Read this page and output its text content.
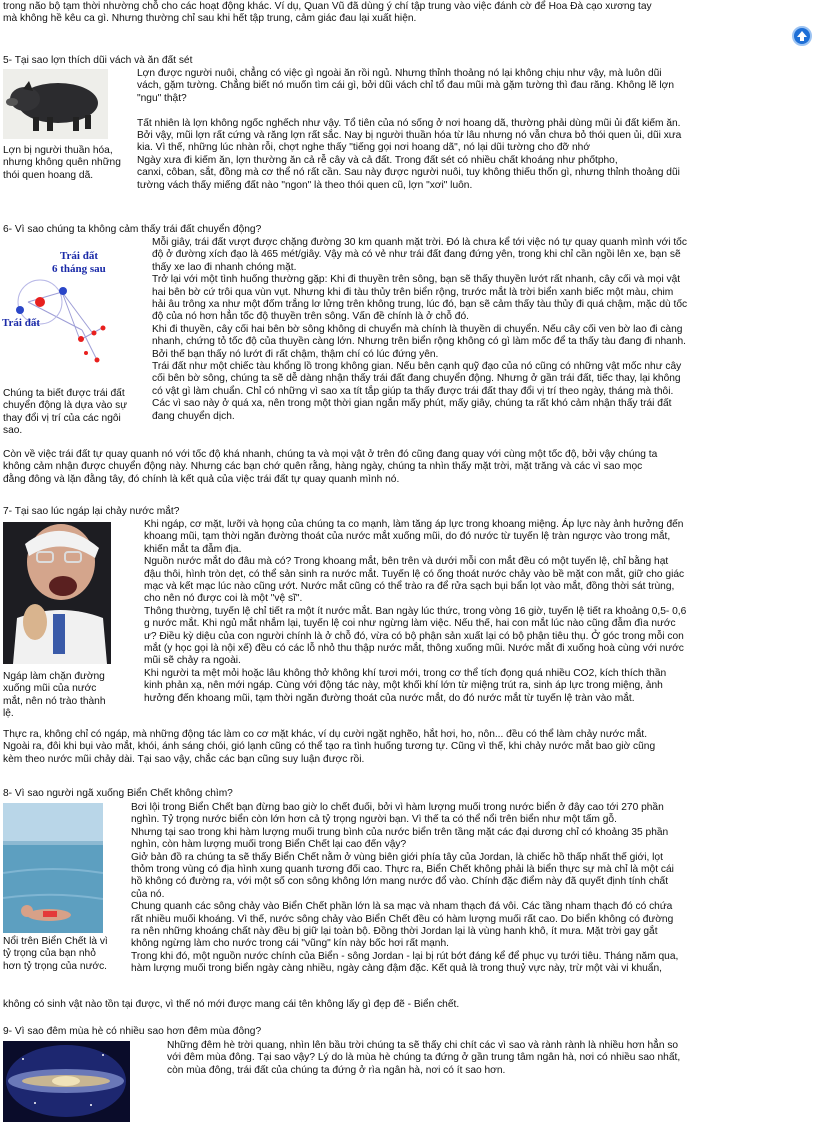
trong não bộ tạm thời nhường chỗ cho các hoạt động khác. Ví dụ, Quan Vũ đã dùng ý chí tập trung vào việc đánh cờ để Hoa Đà cạo xương tay
mà không hề kêu ca gì. Nhưng thường chỉ sau khi hết tập trung, cảm giác đau lại xuất hiện.

5- Tại sao lợn thích dũi vách và ăn đất sét
Lợn bị người thuần hóa, nhưng không quên những thói quen hoang dã.

Lợn được người nuôi, chẳng có việc gì ngoài ăn rồi ngủ. Nhưng thỉnh thoảng nó lại không chịu như vậy, mà luôn dũi
vách, gặm tường. Chẳng biết nó muốn tìm cái gì, bởi dũi vách chỉ tổ đau mũi mà gặm tường thì đau răng. Không lẽ lợn
"ngu" thật?

Tất nhiên là lợn không ngốc nghếch như vậy. Tổ tiên của nó sống ở nơi hoang dã, thường phải dùng mũi ủi đất kiếm ăn.
Bởi vậy, mũi lợn rất cứng và răng lợn rất sắc. Nay bị người thuần hóa từ lâu nhưng nó vẫn chưa bỏ thói quen ủi, dũi xưa
kia. Vì thế, những lúc nhàn rỗi, chợt nghe thấy "tiếng gọi nơi hoang dã", nó lại dũi tường cho đỡ nhớ
Ngày xưa đi kiếm ăn, lợn thường ăn cả rễ cây và cả đất. Trong đất sét có nhiều chất khoáng như phốtpho,
canxi, côban, sắt, đồng mà cơ thể nó rất cần. Sau này được người nuôi, tuy không thiếu thốn gì, nhưng thỉnh thoảng dũi
tường vách thấy miếng đất nào "ngon" là theo thói quen cũ, lợn "xơi" luôn.

6- Vì sao chúng ta không cảm thấy trái đất chuyển động?
Trái đất
6 tháng sau
Trái đất
Chúng ta biết được trái đất chuyển động là dựa vào sự thay đổi vị trí của các ngôi sao.

Mỗi giây, trái đất vượt được chặng đường 30 km quanh mặt trời. Đó là chưa kể tới việc nó tự quay quanh mình với tốc
độ ở đường xích đạo là 465 mét/giây. Vậy mà có vẻ như trái đất đang đứng yên, trong khi chỉ cần ngồi lên xe, bạn sẽ
thấy xe lao đi nhanh chóng mặt.
Trở lại với một tình huống thường gặp: Khi đi thuyền trên sông, bạn sẽ thấy thuyền lướt rất nhanh, cây cối và mọi vật
hai bên bờ cứ trôi qua vùn vụt. Nhưng khi đi tàu thủy trên biển rộng, trước mắt là trời biển xanh biếc một màu, chim
hải âu trông xa như một đốm trắng lơ lửng trên không trung, lúc đó, bạn sẽ cảm thấy tàu thủy đi quá chậm, mặc dù tốc
độ của nó hơn hẳn tốc độ thuyền trên sông. Vấn đề chính là ở chỗ đó.
Khi đi thuyền, cây cối hai bên bờ sông không di chuyển mà chính là thuyền di chuyển. Nếu cây cối ven bờ lao đi càng
nhanh, chứng tỏ tốc độ của thuyền càng lớn. Nhưng trên biển rộng không có gì làm mốc để ta thấy tàu đang đi nhanh.
Bởi thế bạn thấy nó lướt đi rất chậm, thậm chí có lúc đứng yên.
Trái đất như một chiếc tàu khổng lồ trong không gian. Nếu bên cạnh quỹ đạo của nó cũng có những vật mốc như cây
cối bên bờ sông, chúng ta sẽ dễ dàng nhận thấy trái đất đang chuyển động. Nhưng ở gần trái đất, tiếc thay, lại không
có vật gì làm chuẩn. Chỉ có những vì sao xa tít tắp giúp ta thấy được trái đất thay đổi vị trí theo ngày, tháng mà thôi.
Các vì sao này ở quá xa, nên trong một thời gian ngắn mấy phút, mấy giây, chúng ta rất khó cảm nhận thấy trái đất
đang chuyển dịch.

Còn về việc trái đất tự quay quanh nó với tốc độ khá nhanh, chúng ta và mọi vật ở trên đó cũng đang quay với cùng một tốc độ, bởi vậy chúng ta
không cảm nhận được chuyển động này. Nhưng các bạn chớ quên rằng, hàng ngày, chúng ta nhìn thấy mặt trời, mặt trăng và các vì sao mọc
đằng đông và lặn đằng tây, đó chính là kết quả của việc trái đất tự quay quanh mình nó.

7- Tại sao lúc ngáp lại chảy nước mắt?
Ngáp làm chặn đường xuống mũi của nước mắt, nên nó trào thành lệ.

Khi ngáp, cơ mặt, lưỡi và họng của chúng ta co mạnh, làm tăng áp lực trong khoang miệng. Áp lực này ảnh hưởng đến
khoang mũi, tạm thời ngăn đường thoát của nước mắt xuống mũi, do đó nước từ tuyến lệ tràn ngược vào trong mắt,
khiến mắt ta đẫm địa.
Nguồn nước mắt do đâu mà có? Trong khoang mắt, bên trên và dưới mỗi con mắt đều có một tuyến lệ, chỉ bằng hạt
đậu thôi, hình tròn dẹt, có thể sản sinh ra nước mắt. Tuyến lệ có ống thoát nước chảy vào bề mặt con mắt, giữ cho giác
mạc và kết mạc lúc nào cũng ướt. Nước mắt cũng có thể trào ra để rửa sạch bụi bẩn lọt vào mắt, đồng thời sát trùng,
cho nên nó được coi là một "vệ sĩ".
Thông thường, tuyến lệ chỉ tiết ra một ít nước mắt. Ban ngày lúc thức, trong vòng 16 giờ, tuyến lệ tiết ra khoảng 0,5- 0,6
g nước mắt. Khi ngủ mắt nhắm lại, tuyến lệ coi như ngừng làm việc. Nếu thế, hai con mắt lúc nào cũng đẫm đìa nước
ư? Điều kỳ diệu của con người chính là ở chỗ đó, vừa có bộ phận sản xuất lại có bộ phận tiêu thụ. Ở góc trong mỗi con
mắt (y học gọi là nội xế) đều có các lỗ nhỏ thu thập nước mắt, thông xuống mũi. Nước mắt đi xuống hoà cùng với nước
mũi sẽ chảy ra ngoài.
Khi người ta mệt mỏi hoặc lâu không thở không khí tươi mới, trong cơ thể tích đọng quá nhiều CO2, kích thích thần
kinh phản xạ, nên mới ngáp. Cùng với động tác này, một khối khí lớn từ miệng trút ra, sinh áp lực trong miệng, ảnh
hưởng đến khoang mũi, tạm thời ngăn đường thoát của nước mắt, do đó nước mắt từ tuyến lệ tràn vào mắt.

Thực ra, không chỉ có ngáp, mà những động tác làm co cơ mặt khác, ví dụ cười ngặt nghẽo, hắt hơi, ho, nôn... đều có thể làm chảy nước mắt.
Ngoài ra, đôi khi bụi vào mắt, khói, ánh sáng chói, gió lạnh cũng có thể tạo ra tình huống tương tự. Cũng vì thế, khi chảy nước mắt bao giờ cũng
kèm theo nước mũi chảy dài. Tại sao vậy, chắc các bạn cũng suy luận được rồi.

8- Vì sao người ngã xuống Biển Chết không chìm?
Nổi trên Biển Chết là vì tỷ trọng của bạn nhỏ hơn tỷ trọng của nước.

Bơi lội trong Biển Chết bạn đừng bao giờ lo chết đuối, bởi vì hàm lượng muối trong nước biển ở đây cao tới 270 phần
nghìn. Tỷ trọng nước biển còn lớn hơn cả tỷ trọng người bạn. Vì thế ta có thể nổi trên biển như một tấm gỗ.
Nhưng tại sao trong khi hàm lượng muối trung bình của nước biển trên tầng mặt các đại dương chỉ có khoảng 35 phần
nghìn, còn hàm lượng muối trong Biển Chết lại cao đến vậy?
Giở bản đồ ra chúng ta sẽ thấy Biển Chết nằm ở vùng biên giới phía tây của Jordan, là chiếc hồ thấp nhất thế giới, lọt
thỏm trong vùng có địa hình xung quanh tương đối cao. Thực ra, Biển Chết không phải là biển thực sự mà chỉ là một cái
hồ không có đường ra, với một số con sông không lớn mang nước đổ vào. Chính đặc điểm này đã quyết định tính chất
của nó.
Chung quanh các sông chảy vào Biển Chết phần lớn là sa mạc và nham thạch đá vôi. Các tầng nham thạch đó có chứa
rất nhiều muối khoáng. Vì thế, nước sông chảy vào Biển Chết đều có hàm lượng muối rất cao. Do biển không có đường
ra nên những khoáng chất này đều bị giữ lại toàn bộ. Đồng thời Jordan lại là vùng hanh khô, ít mưa. Mặt trời gay gắt
không ngừng làm cho nước trong cái "vũng" kín này bốc hơi rất mạnh.
Trong khi đó, một nguồn nước chính của Biển - sông Jordan - lại bị rút bớt đáng kể để phục vụ tưới tiêu. Tháng năm qua,
hàm lượng muối trong biển ngày càng nhiều, ngày càng đậm đặc. Kết quả là trong thuỷ vực này, trừ một vài vi khuẩn,

không có sinh vật nào tồn tại được, vì thế nó mới được mang cái tên không lấy gì đẹp đẽ - Biển chết.

9- Vì sao đêm mùa hè có nhiều sao hơn đêm mùa đông?

Những đêm hè trời quang, nhìn lên bầu trời chúng ta sẽ thấy chi chít các vì sao và rành rành là nhiều hơn hẳn so
với đêm mùa đông. Tại sao vậy? Lý do là mùa hè chúng ta đứng ở gần trung tâm ngân hà, nơi có nhiều sao nhất,
còn mùa đông, trái đất của chúng ta đứng ở rìa ngân hà, nơi có ít sao hơn.
